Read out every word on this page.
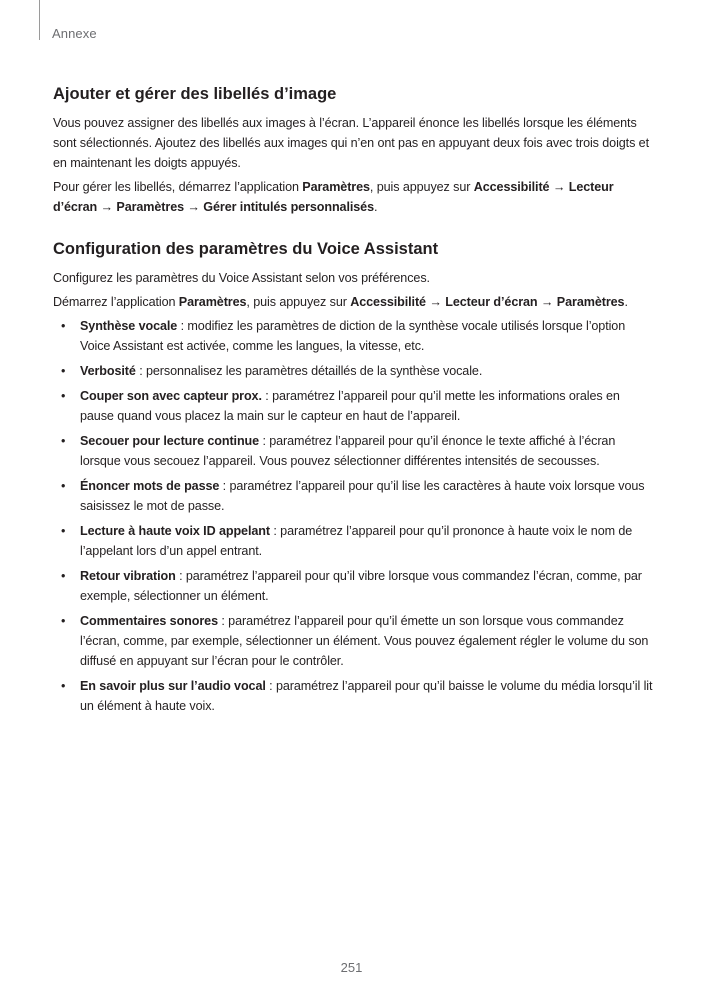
Annexe
Ajouter et gérer des libellés d’image

Vous pouvez assigner des libellés aux images à l’écran. L’appareil énonce les libellés lorsque les éléments sont sélectionnés. Ajoutez des libellés aux images qui n’en ont pas en appuyant deux fois avec trois doigts et en maintenant les doigts appuyés.

Pour gérer les libellés, démarrez l’application Paramètres, puis appuyez sur Accessibilité → Lecteur d’écran → Paramètres → Gérer intitulés personnalisés.

Configuration des paramètres du Voice Assistant

Configurez les paramètres du Voice Assistant selon vos préférences.

Démarrez l’application Paramètres, puis appuyez sur Accessibilité → Lecteur d’écran → Paramètres.

• Synthèse vocale : modifiez les paramètres de diction de la synthèse vocale utilisés lorsque l’option Voice Assistant est activée, comme les langues, la vitesse, etc.
• Verbosité : personnalisez les paramètres détaillés de la synthèse vocale.
• Couper son avec capteur prox. : paramétrez l’appareil pour qu’il mette les informations orales en pause quand vous placez la main sur le capteur en haut de l’appareil.
• Secouer pour lecture continue : paramétrez l’appareil pour qu’il énonce le texte affiché à l’écran lorsque vous secouez l’appareil. Vous pouvez sélectionner différentes intensités de secousses.
• Énoncer mots de passe : paramétrez l’appareil pour qu’il lise les caractères à haute voix lorsque vous saisissez le mot de passe.
• Lecture à haute voix ID appelant : paramétrez l’appareil pour qu’il prononce à haute voix le nom de l’appelant lors d’un appel entrant.
• Retour vibration : paramétrez l’appareil pour qu’il vibre lorsque vous commandez l’écran, comme, par exemple, sélectionner un élément.
• Commentaires sonores : paramétrez l’appareil pour qu’il émette un son lorsque vous commandez l’écran, comme, par exemple, sélectionner un élément. Vous pouvez également régler le volume du son diffusé en appuyant sur l’écran pour le contrôler.
• En savoir plus sur l’audio vocal : paramétrez l’appareil pour qu’il baisse le volume du média lorsqu’il lit un élément à haute voix.
251
